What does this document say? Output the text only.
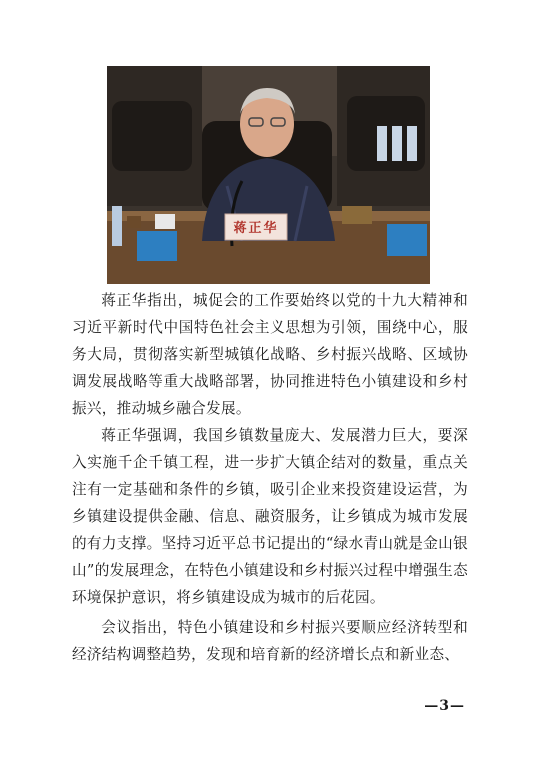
蒋正华

蒋正华指出，城促会的工作要始终以党的十九大精神和习近平新时代中国特色社会主义思想为引领，围绕中心，服务大局，贯彻落实新型城镇化战略、乡村振兴战略、区域协调发展战略等重大战略部署，协同推进特色小镇建设和乡村振兴，推动城乡融合发展。

蒋正华强调，我国乡镇数量庞大、发展潜力巨大，要深入实施千企千镇工程，进一步扩大镇企结对的数量，重点关注有一定基础和条件的乡镇，吸引企业来投资建设运营，为乡镇建设提供金融、信息、融资服务，让乡镇成为城市发展的有力支撑。坚持习近平总书记提出的“绿水青山就是金山银山”的发展理念，在特色小镇建设和乡村振兴过程中增强生态环境保护意识，将乡镇建设成为城市的后花园。

会议指出，特色小镇建设和乡村振兴要顺应经济转型和经济结构调整趋势，发现和培育新的经济增长点和新业态、

—3—
